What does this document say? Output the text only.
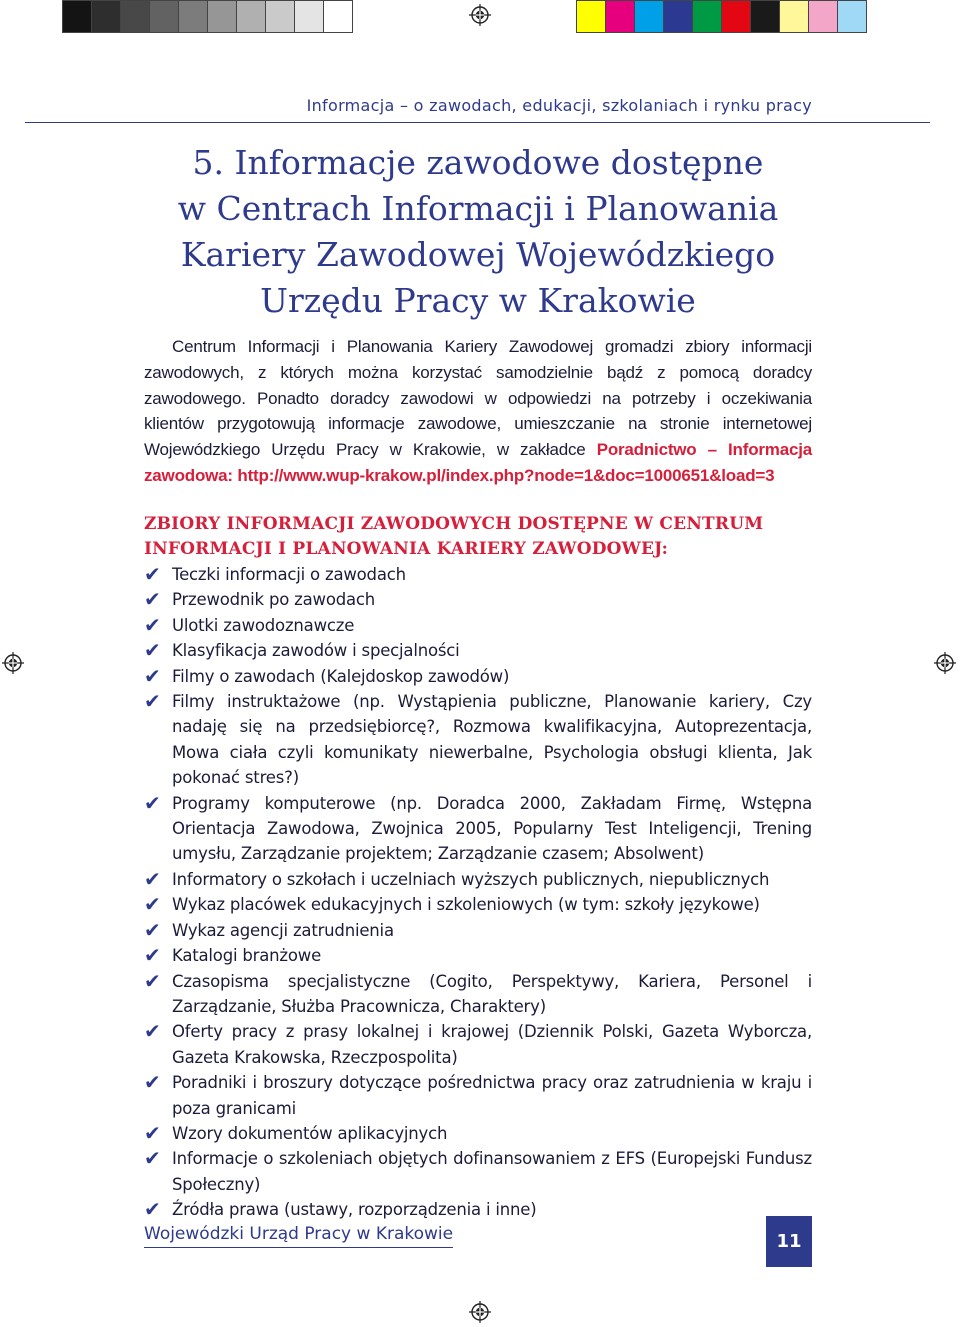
Informacja – o zawodach, edukacji, szkolaniach i rynku pracy
5. Informacje zawodowe dostępne
w Centrach Informacji i Planowania
Kariery Zawodowej Wojewódzkiego
Urzędu Pracy w Krakowie

Centrum Informacji i Planowania Kariery Zawodowej gromadzi zbiory informacji zawodowych, z których można korzystać samodzielnie bądź z pomocą doradcy zawodowego. Ponadto doradcy zawodowi w odpowiedzi na potrzeby i oczekiwania klientów przygotowują informacje zawodowe, umieszczanie na stronie internetowej Wojewódzkiego Urzędu Pracy w Krakowie, w zakładce Poradnictwo – Informacja zawodowa: http://www.wup-krakow.pl/index.php?node=1&doc=1000651&load=3

ZBIORY INFORMACJI ZAWODOWYCH DOSTĘPNE W CENTRUM INFORMACJI I PLANOWANIA KARIERY ZAWODOWEJ:
✔ Teczki informacji o zawodach
✔ Przewodnik po zawodach
✔ Ulotki zawodoznawcze
✔ Klasyfikacja zawodów i specjalności
✔ Filmy o zawodach (Kalejdoskop zawodów)
✔ Filmy instruktażowe (np. Wystąpienia publiczne, Planowanie kariery, Czy nadaję się na przedsiębiorcę?, Rozmowa kwalifikacyjna, Autoprezentacja, Mowa ciała czyli komunikaty niewerbalne, Psychologia obsługi klienta, Jak pokonać stres?)
✔ Programy komputerowe (np. Doradca 2000, Zakładam Firmę, Wstępna Orientacja Zawodowa, Zwojnica 2005, Popularny Test Inteligencji, Trening umysłu, Zarządzanie projektem; Zarządzanie czasem; Absolwent)
✔ Informatory o szkołach i uczelniach wyższych publicznych, niepublicznych
✔ Wykaz placówek edukacyjnych i szkoleniowych (w tym: szkoły językowe)
✔ Wykaz agencji zatrudnienia
✔ Katalogi branżowe
✔ Czasopisma specjalistyczne (Cogito, Perspektywy, Kariera, Personel i Zarządzanie, Służba Pracownicza, Charaktery)
✔ Oferty pracy z prasy lokalnej i krajowej (Dziennik Polski, Gazeta Wyborcza, Gazeta Krakowska, Rzeczpospolita)
✔ Poradniki i broszury dotyczące pośrednictwa pracy oraz zatrudnienia w kraju i poza granicami
✔ Wzory dokumentów aplikacyjnych
✔ Informacje o szkoleniach objętych dofinansowaniem z EFS (Europejski Fundusz Społeczny)
✔ Źródła prawa (ustawy, rozporządzenia i inne)
Wojewódzki Urząd Pracy w Krakowie	11
